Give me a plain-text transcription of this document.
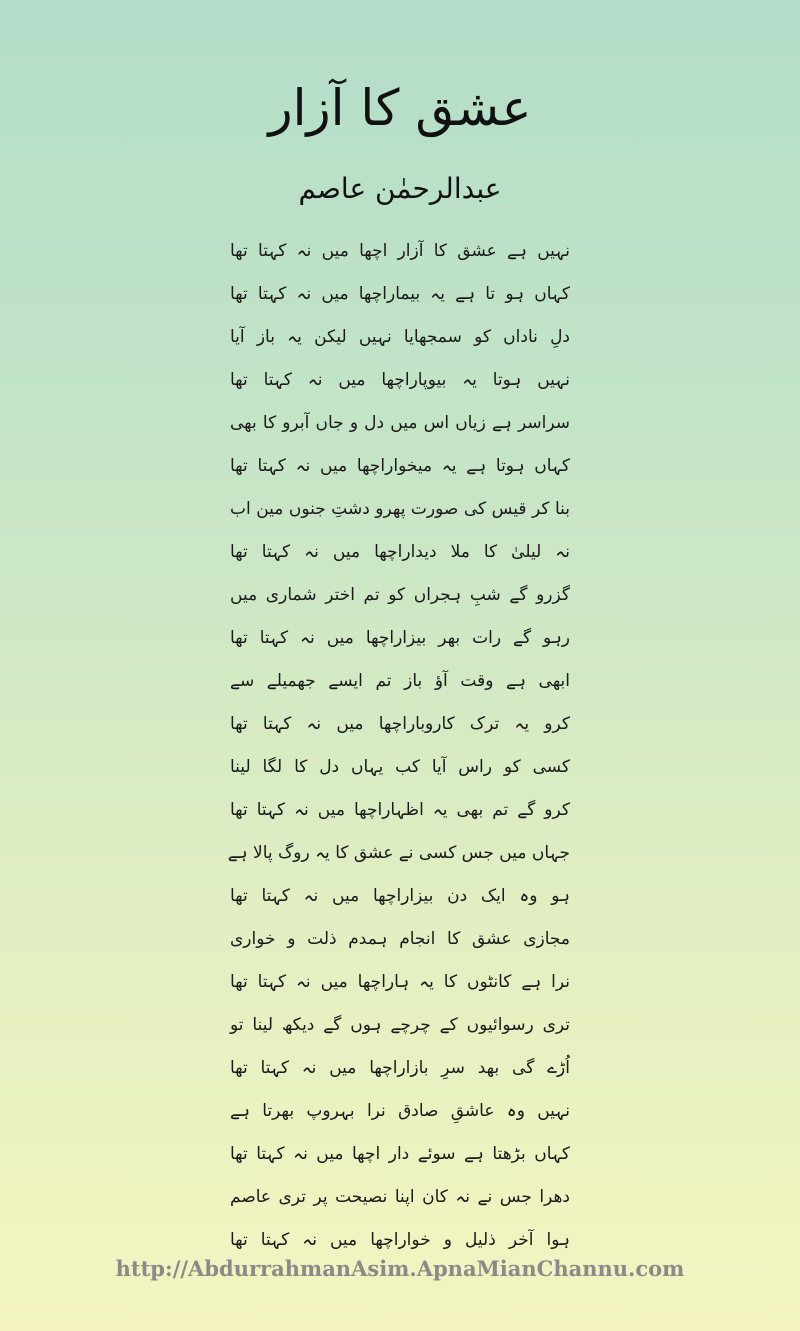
عشق کا آزار
عبدالرحمٰن عاصم
نہیں ہے عشق کا آزار اچھا میں نہ کہتا تھا
کہاں ہو تا ہے یہ بیماراچھا میں نہ کہتا تھا
دلِ ناداں کو سمجھایا نہیں لیکن یہ باز آیا
نہیں ہوتا یہ بیوپاراچھا میں نہ کہتا تھا
سراسر ہے زیاں اس میں دل و جاں آبرو کا بھی
کہاں ہوتا ہے یہ میخواراچھا میں نہ کہتا تھا
بنا کر قیس کی صورت پھرو دشتِ جنوں مین اب
نہ لیلیٰ کا ملا دیداراچھا میں نہ کہتا تھا
گزرو گے شبِ ہجراں کو تم اختر شماری میں
رہو گے رات بھر بیزاراچھا میں نہ کہتا تھا
ابھی ہے وقت آؤ باز تم ایسے جھمیلے سے
کرو یہ ترک کاروباراچھا میں نہ کہتا تھا
کسی کو راس آیا کب یہاں دل کا لگا لینا
کرو گے تم بھی یہ اظہاراچھا میں نہ کہتا تھا
جہاں میں جس کسی نے عشق کا یہ روگ پالا ہے
ہو وہ ایک دن بیزاراچھا میں نہ کہتا تھا
مجازی عشق کا انجام ہمدم ذلت و خواری
نرا ہے کانٹوں کا یہ ہاراچھا میں نہ کہتا تھا
تری رسوائیوں کے چرچے ہوں گے دیکھ لینا تو
اُڑے گی بھد سرِ بازاراچھا میں نہ کہتا تھا
نہیں وہ عاشقِ صادق نرا بہروپ بھرتا ہے
کہاں بڑھتا ہے سوئے دار اچھا میں نہ کہتا تھا
دھرا جس نے نہ کان اپنا نصیحت پر تری عاصم
ہوا آخر ذلیل و خواراچھا میں نہ کہتا تھا
http://AbdurrahmanAsim.ApnaMianChannu.com
